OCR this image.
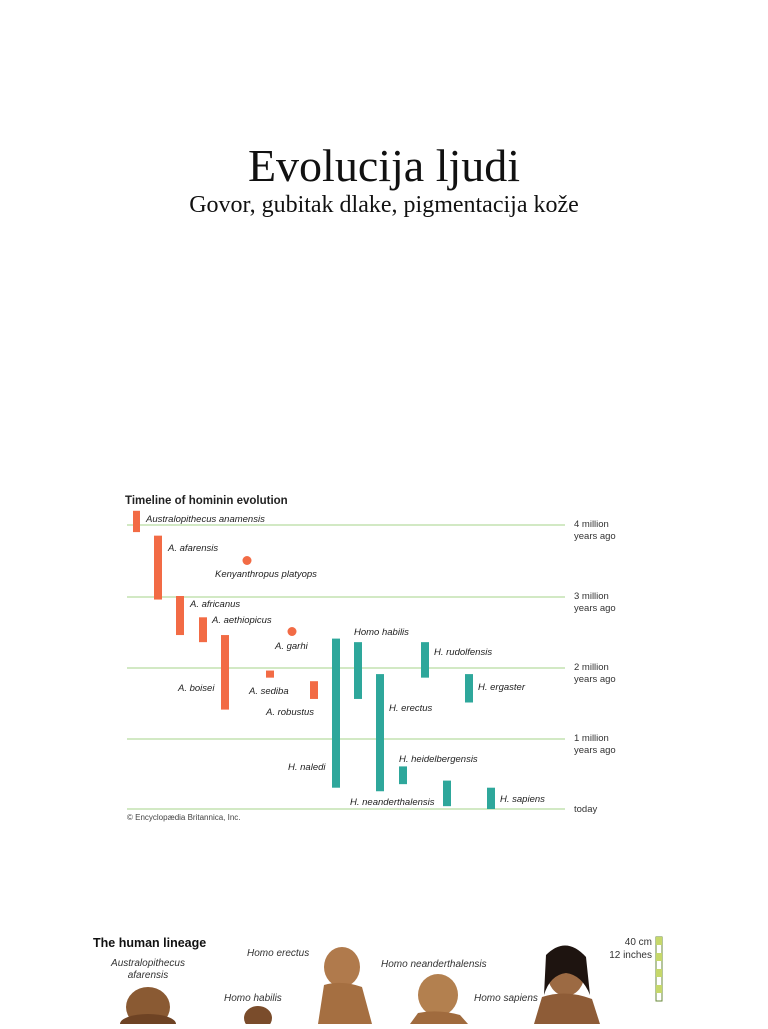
Evolucija ljudi
Govor, gubitak dlake, pigmentacija kože
Timeline of hominin evolution
4 million
years ago
3 million
years ago
2 million
years ago
1 million
years ago
today
Australopithecus anamensis
A. afarensis
Kenyanthropus platyops
A. africanus
A. aethiopicus
A. garhi
A. boisei	A. sediba
A. robustus
Homo habilis
H. naledi
H. rudolfensis
H. ergaster
H. erectus
H. heidelbergensis
H. neanderthalensis	H. sapiens
© Encyclopædia Britannica, Inc.
The human lineage
Australopithecus
afarensis
Homo habilis
Homo erectus
Homo neanderthalensis
Homo sapiens
40 cm
12 inches
